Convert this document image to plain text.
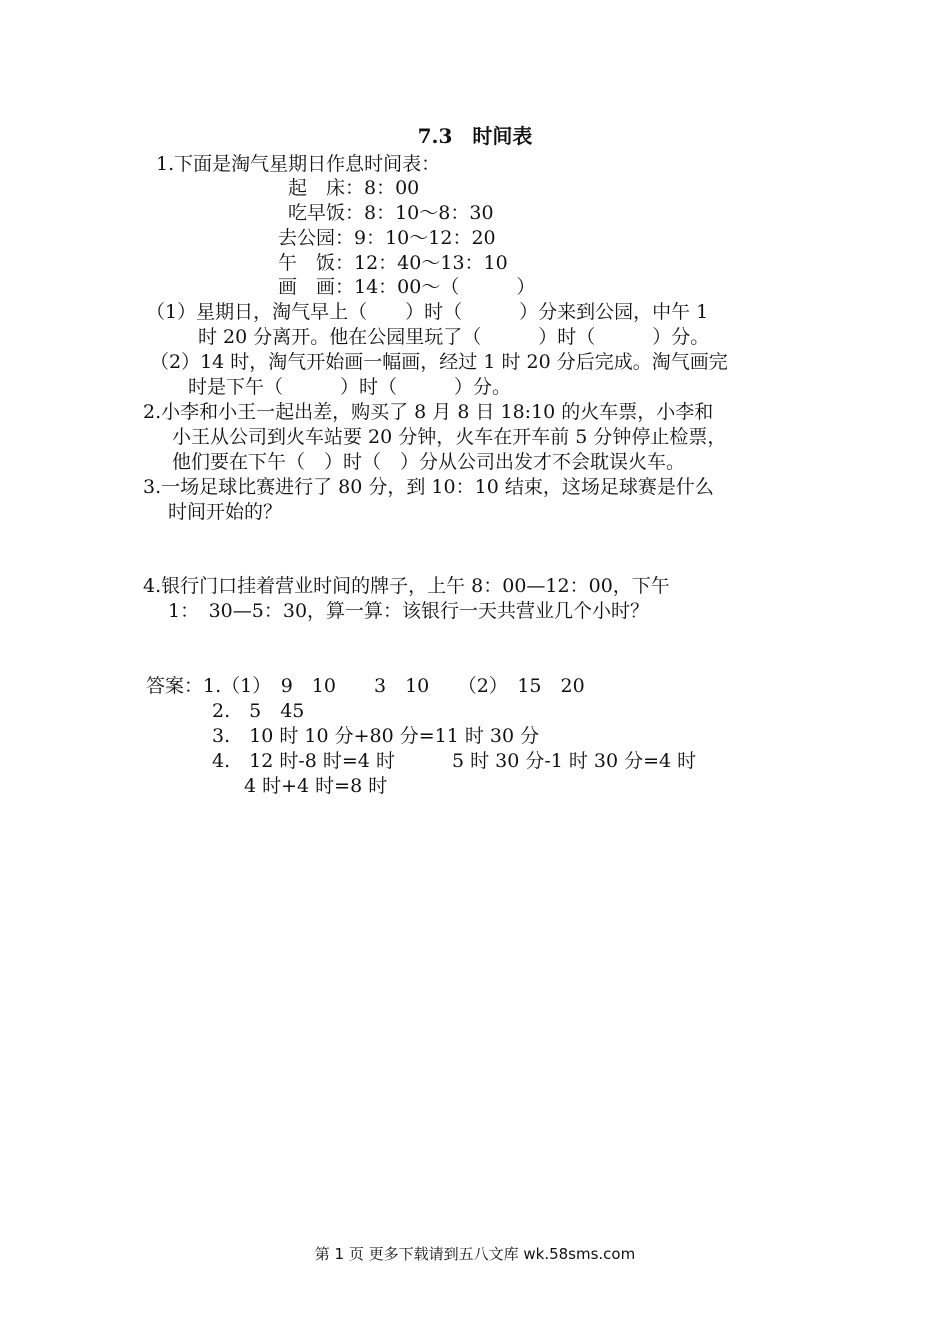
7.3　时间表
1.下面是淘气星期日作息时间表：
起　床：8：00
吃早饭：8：10～8：30
去公园：9：10～12：20
午　饭：12：40～13：10
画　画：14：00～（　　　）
（1）星期日，淘气早上（　　）时（　　　）分来到公园，中午 1
时 20 分离开。他在公园里玩了（　　　）时（　　　）分。
（2）14 时，淘气开始画一幅画，经过 1 时 20 分后完成。淘气画完
时是下午（　　　）时（　　　）分。
2.小李和小王一起出差，购买了 8 月 8 日 18:10 的火车票，小李和
小王从公司到火车站要 20 分钟，火车在开车前 5 分钟停止检票，
他们要在下午（　）时（　）分从公司出发才不会耽误火车。
3.一场足球比赛进行了 80 分，到 10：10 结束，这场足球赛是什么
时间开始的？
4.银行门口挂着营业时间的牌子，上午 8：00—12：00，下午
1：　30—5：30，算一算：该银行一天共营业几个小时？
答案：1.（1）　9　10　　3　10　　（2）　15　20
2.　5　45
3.　10 时 10 分+80 分=11 时 30 分
4.　12 时-8 时=4 时　　　5 时 30 分-1 时 30 分=4 时
4 时+4 时=8 时
第 1 页 更多下载请到五八文库 wk.58sms.com
